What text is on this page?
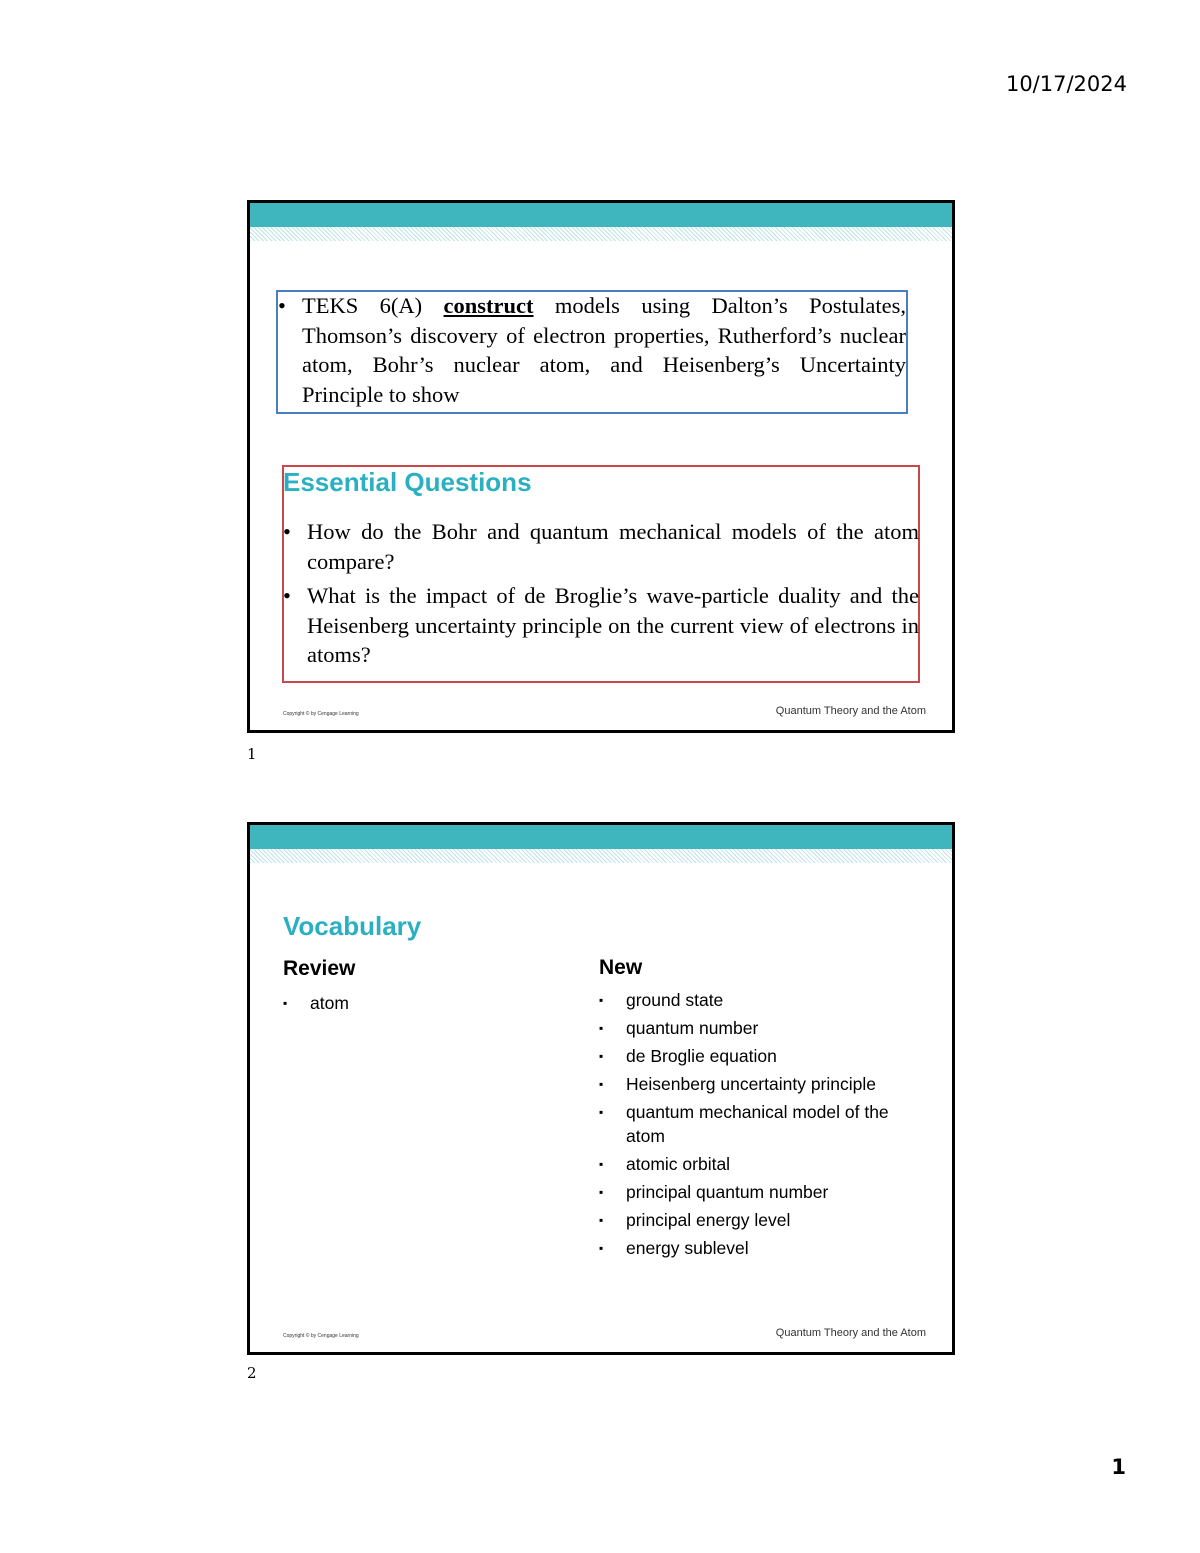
10/17/2024
• TEKS 6(A) construct models using Dalton’s Postulates, Thomson’s discovery of electron properties, Rutherford’s nuclear atom, Bohr’s nuclear atom, and Heisenberg’s Uncertainty Principle to show
Essential Questions
• How do the Bohr and quantum mechanical models of the atom compare?
• What is the impact of de Broglie’s wave-particle duality and the Heisenberg uncertainty principle on the current view of electrons in atoms?
Copyright © by Cengage Learning	Quantum Theory and the Atom
1
Vocabulary
Review
▪	atom
New
▪	ground state
▪	quantum number
▪	de Broglie equation
▪	Heisenberg uncertainty principle
▪	quantum mechanical model of the atom
▪	atomic orbital
▪	principal quantum number
▪	principal energy level
▪	energy sublevel
Copyright © by Cengage Learning	Quantum Theory and the Atom
2
1
